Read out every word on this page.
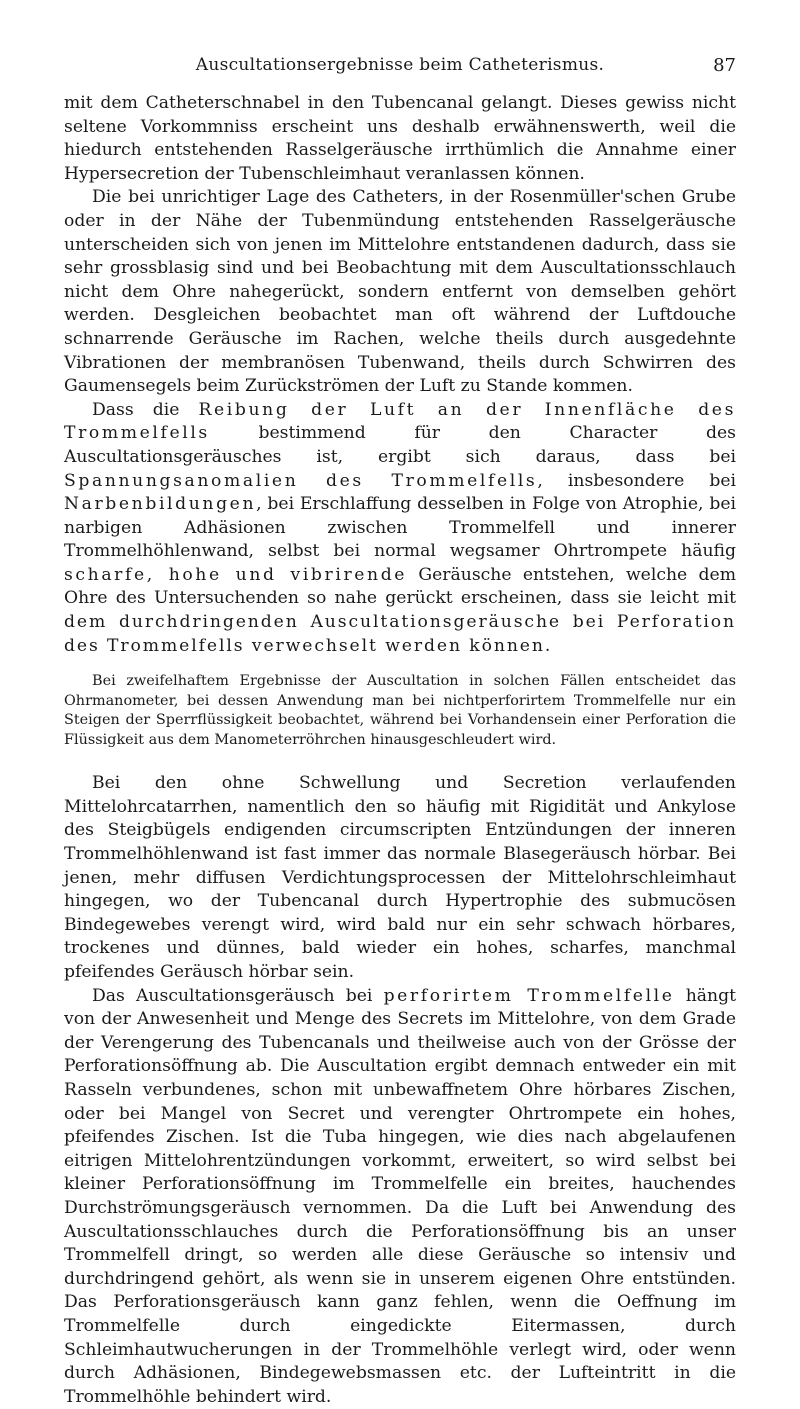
Auscultationsergebnisse beim Catheterismus.	87

mit dem Catheterschnabel in den Tubencanal gelangt. Dieses gewiss nicht seltene Vorkommniss erscheint uns deshalb erwähnenswerth, weil die hiedurch entstehenden Rasselgeräusche irrthümlich die Annahme einer Hypersecretion der Tubenschleimhaut veranlassen können.

Die bei unrichtiger Lage des Catheters, in der Rosenmüller'schen Grube oder in der Nähe der Tubenmündung entstehenden Rasselgeräusche unterscheiden sich von jenen im Mittelohre entstandenen dadurch, dass sie sehr grossblasig sind und bei Beobachtung mit dem Auscultationsschlauch nicht dem Ohre nahegerückt, sondern entfernt von demselben gehört werden. Desgleichen beobachtet man oft während der Luftdouche schnarrende Geräusche im Rachen, welche theils durch ausgedehnte Vibrationen der membranösen Tubenwand, theils durch Schwirren des Gaumensegels beim Zurückströmen der Luft zu Stande kommen.

Dass die Reibung der Luft an der Innenfläche des Trommelfells bestimmend für den Character des Auscultationsgeräusches ist, ergibt sich daraus, dass bei Spannungsanomalien des Trommelfells, insbesondere bei Narbenbildungen, bei Erschlaffung desselben in Folge von Atrophie, bei narbigen Adhäsionen zwischen Trommelfell und innerer Trommelhöhlenwand, selbst bei normal wegsamer Ohrtrompete häufig scharfe, hohe und vibrirende Geräusche entstehen, welche dem Ohre des Untersuchenden so nahe gerückt erscheinen, dass sie leicht mit dem durchdringenden Auscultationsgeräusche bei Perforation des Trommelfells verwechselt werden können.

Bei zweifelhaftem Ergebnisse der Auscultation in solchen Fällen entscheidet das Ohrmanometer, bei dessen Anwendung man bei nichtperforirtem Trommelfelle nur ein Steigen der Sperrflüssigkeit beobachtet, während bei Vorhandensein einer Perforation die Flüssigkeit aus dem Manometerröhrchen hinausgeschleudert wird.

Bei den ohne Schwellung und Secretion verlaufenden Mittelohrcatarrhen, namentlich den so häufig mit Rigidität und Ankylose des Steigbügels endigenden circumscripten Entzündungen der inneren Trommelhöhlenwand ist fast immer das normale Blasegeräusch hörbar. Bei jenen, mehr diffusen Verdichtungsprocessen der Mittelohrschleimhaut hingegen, wo der Tubencanal durch Hypertrophie des submucösen Bindegewebes verengt wird, wird bald nur ein sehr schwach hörbares, trockenes und dünnes, bald wieder ein hohes, scharfes, manchmal pfeifendes Geräusch hörbar sein.

Das Auscultationsgeräusch bei perforirtem Trommelfelle hängt von der Anwesenheit und Menge des Secrets im Mittelohre, von dem Grade der Verengerung des Tubencanals und theilweise auch von der Grösse der Perforationsöffnung ab. Die Auscultation ergibt demnach entweder ein mit Rasseln verbundenes, schon mit unbewaffnetem Ohre hörbares Zischen, oder bei Mangel von Secret und verengter Ohrtrompete ein hohes, pfeifendes Zischen. Ist die Tuba hingegen, wie dies nach abgelaufenen eitrigen Mittelohrentzündungen vorkommt, erweitert, so wird selbst bei kleiner Perforationsöffnung im Trommelfelle ein breites, hauchendes Durchströmungsgeräusch vernommen. Da die Luft bei Anwendung des Auscultationsschlauches durch die Perforationsöffnung bis an unser Trommelfell dringt, so werden alle diese Geräusche so intensiv und durchdringend gehört, als wenn sie in unserem eigenen Ohre entstünden. Das Perforationsgeräusch kann ganz fehlen, wenn die Oeffnung im Trommelfelle durch eingedickte Eitermassen, durch Schleimhautwucherungen in der Trommelhöhle verlegt wird, oder wenn durch Adhäsionen, Bindegewebsmassen etc. der Lufteintritt in die Trommelhöhle behindert wird.
